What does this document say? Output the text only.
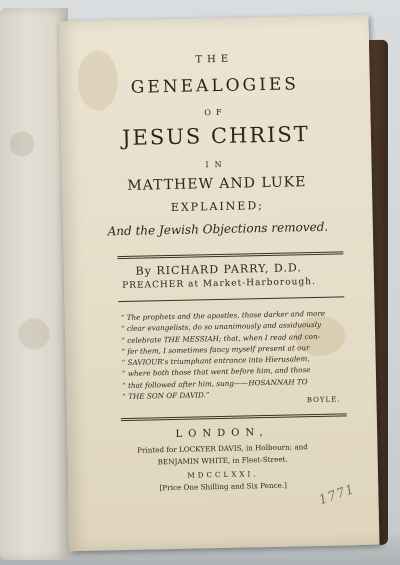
THE
GENEALOGIES
OF
JESUS CHRIST
IN
MATTHEW AND LUKE
EXPLAINED;
And the Jewish Objections removed.
By RICHARD PARRY, D.D.
PREACHER at Market-Harborough.
“ The prophets and the apostles, those darker and more
“ clear evangelists, do so unanimously and assiduously
“ celebrate THE MESSIAH; that, when I read and con-
“ fer them, I sometimes fancy myself present at our
“ SAVIOUR’s triumphant entrance into Hierusalem,
“ where both those that went before him, and those
“ that followed after him, sung——HOSANNAH TO
“ THE SON OF DAVID.”	BOYLE.
LONDON,
Printed for LOCKYER DAVIS, in Holbourn; and
BENJAMIN WHITE, in Fleet-Street.
MDCCLXXI.
[Price One Shilling and Six Pence.]	1771
